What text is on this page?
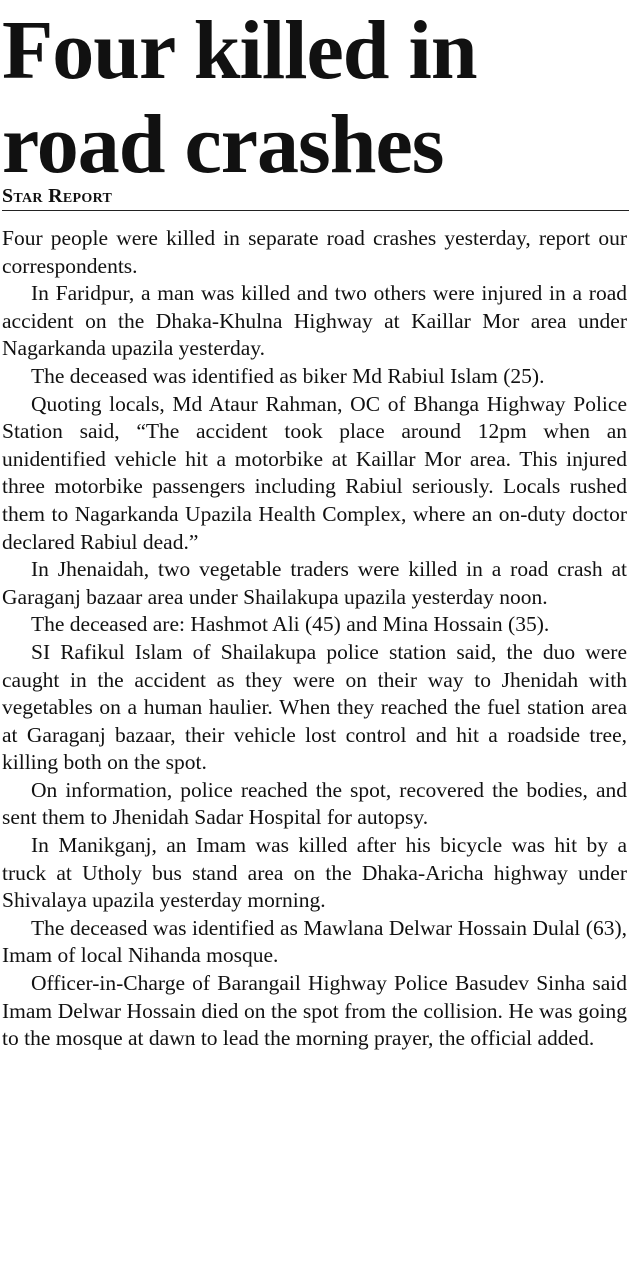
Four killed in
road crashes
Star Report

Four people were killed in separate road crashes yesterday, report our correspondents.

In Faridpur, a man was killed and two others were injured in a road accident on the Dhaka-Khulna Highway at Kaillar Mor area under Nagarkanda upazila yesterday.

The deceased was identified as biker Md Rabiul Islam (25).

Quoting locals, Md Ataur Rahman, OC of Bhanga Highway Police Station said, “The accident took place around 12pm when an unidentified vehicle hit a motorbike at Kaillar Mor area. This injured three motorbike passengers including Rabiul seriously. Locals rushed them to Nagarkanda Upazila Health Complex, where an on-duty doctor declared Rabiul dead.”

In Jhenaidah, two vegetable traders were killed in a road crash at Garaganj bazaar area under Shailakupa upazila yesterday noon.

The deceased are: Hashmot Ali (45) and Mina Hossain (35).

SI Rafikul Islam of Shailakupa police station said, the duo were caught in the accident as they were on their way to Jhenidah with vegetables on a human haulier. When they reached the fuel station area at Garaganj bazaar, their vehicle lost control and hit a roadside tree, killing both on the spot.

On information, police reached the spot, recovered the bodies, and sent them to Jhenidah Sadar Hospital for autopsy.

In Manikganj, an Imam was killed after his bicycle was hit by a truck at Utholy bus stand area on the Dhaka-Aricha highway under Shivalaya upazila yesterday morning.

The deceased was identified as Mawlana Delwar Hossain Dulal (63), Imam of local Nihanda mosque.

Officer-in-Charge of Barangail Highway Police Basudev Sinha said Imam Delwar Hossain died on the spot from the collision. He was going to the mosque at dawn to lead the morning prayer, the official added.
